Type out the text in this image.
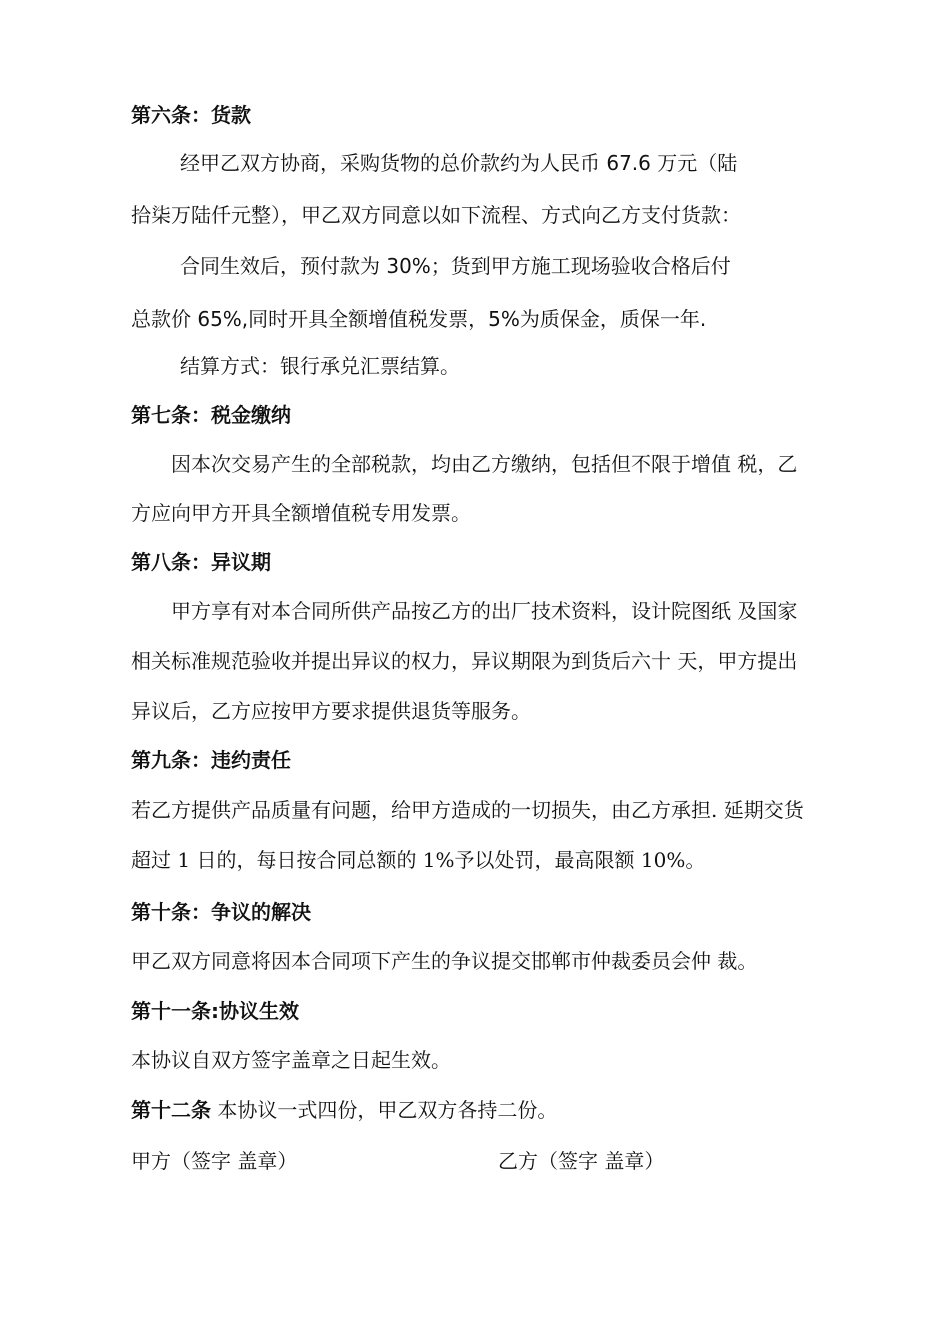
第六条：货款

经甲乙双方协商，采购货物的总价款约为人民币 67.6 万元（陆

拾柒万陆仟元整），甲乙双方同意以如下流程、方式向乙方支付货款：

合同生效后，预付款为 30%；货到甲方施工现场验收合格后付

总款价 65%,同时开具全额增值税发票，5%为质保金，质保一年.

结算方式：银行承兑汇票结算。

第七条：税金缴纳

因本次交易产生的全部税款，均由乙方缴纳，包括但不限于增值 税，乙

方应向甲方开具全额增值税专用发票。

第八条：异议期

甲方享有对本合同所供产品按乙方的出厂技术资料，设计院图纸 及国家

相关标准规范验收并提出异议的权力，异议期限为到货后六十 天，甲方提出

异议后，乙方应按甲方要求提供退货等服务。

第九条：违约责任

若乙方提供产品质量有问题，给甲方造成的一切损失，由乙方承担. 延期交货

超过 1 日的，每日按合同总额的 1%予以处罚，最高限额 10%。

第十条：争议的解决

甲乙双方同意将因本合同项下产生的争议提交邯郸市仲裁委员会仲 裁。

第十一条:协议生效

本协议自双方签字盖章之日起生效。

第十二条 本协议一式四份，甲乙双方各持二份。

甲方（签字 盖章）	乙方（签字 盖章）
